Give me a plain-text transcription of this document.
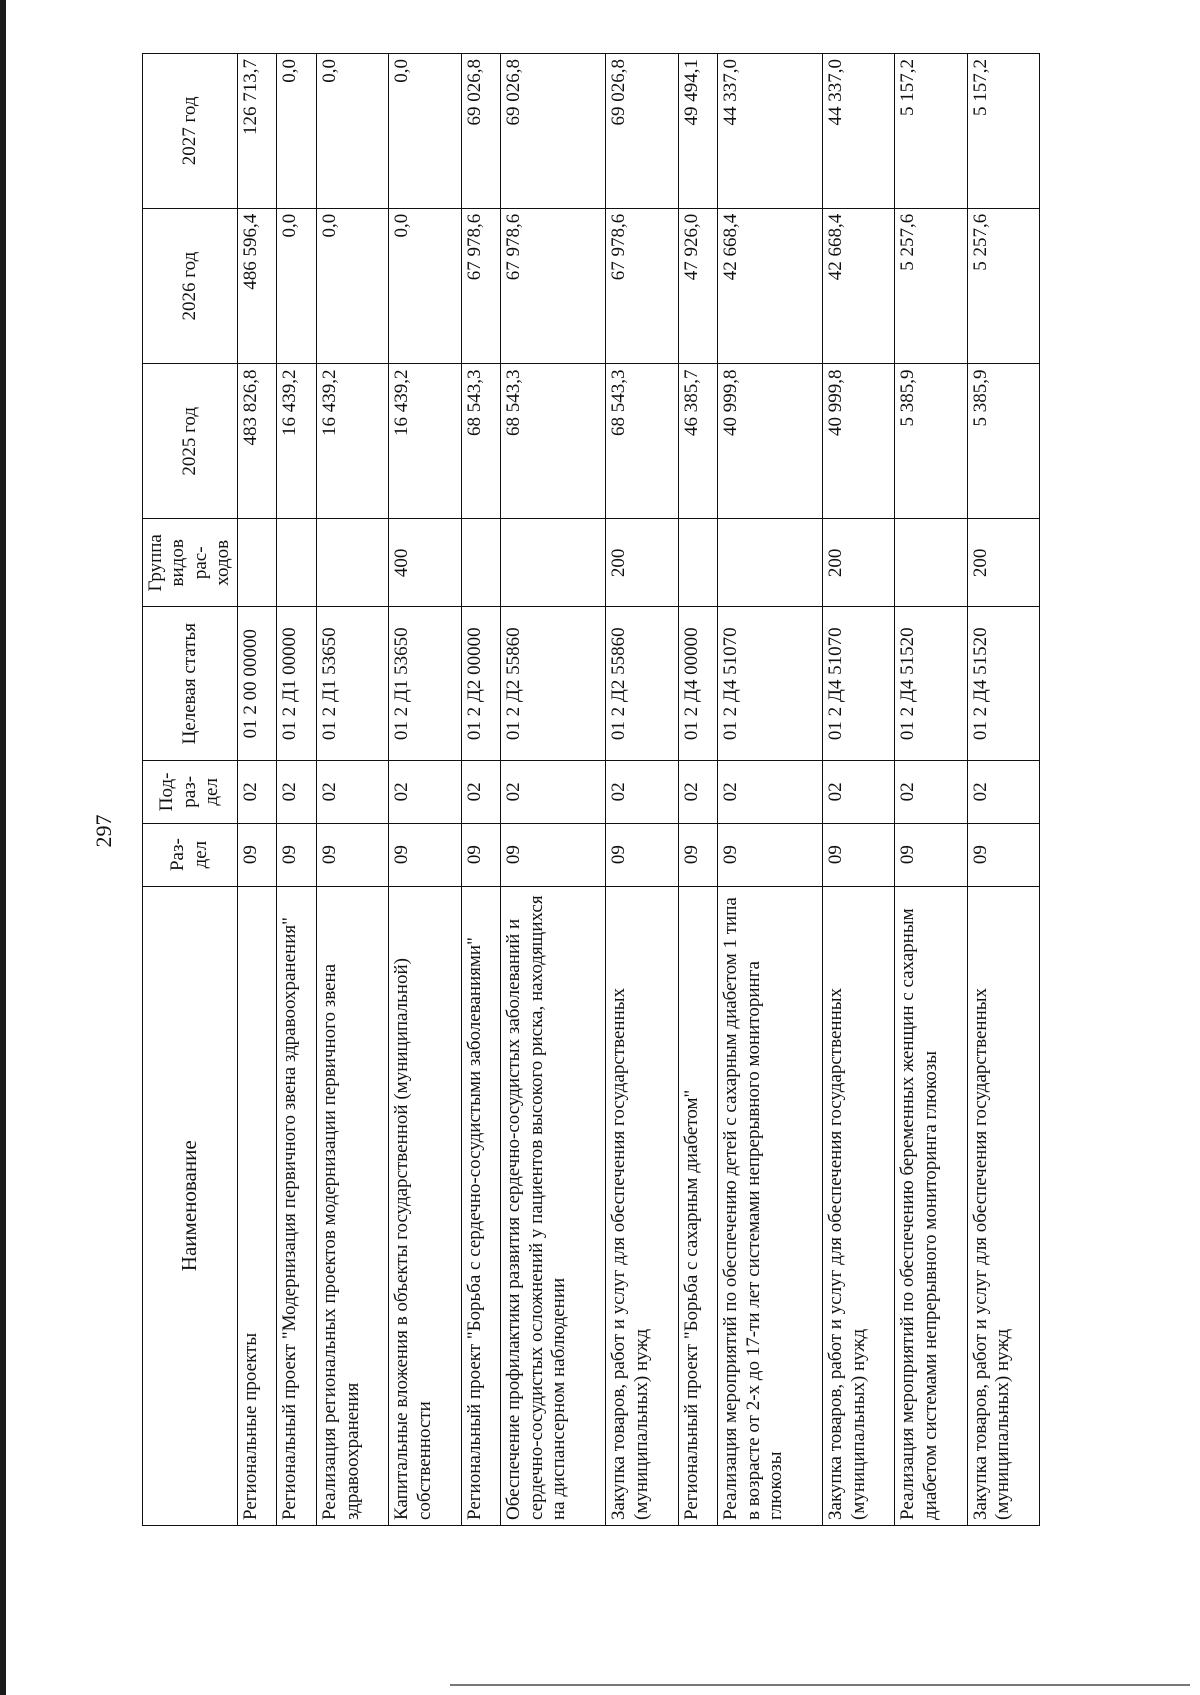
297
Наименование	Раз-дел	Под-раз-дел	Целевая статья	Группа видов рас-ходов	2025 год	2026 год	2027 год
Региональные проекты	09	02	01 2 00 00000		483 826,8	486 596,4	126 713,7
Региональный проект "Модернизация первичного звена здравоохранения"	09	02	01 2 Д1 00000		16 439,2	0,0	0,0
Реализация региональных проектов модернизации первичного звена здравоохранения	09	02	01 2 Д1 53650		16 439,2	0,0	0,0
Капитальные вложения в объекты государственной (муниципальной) собственности	09	02	01 2 Д1 53650	400	16 439,2	0,0	0,0
Региональный проект "Борьба с сердечно-сосудистыми заболеваниями"	09	02	01 2 Д2 00000		68 543,3	67 978,6	69 026,8
Обеспечение профилактики развития сердечно-сосудистых заболеваний и сердечно-сосудистых осложнений у пациентов высокого риска, находящихся на диспансерном наблюдении	09	02	01 2 Д2 55860		68 543,3	67 978,6	69 026,8
Закупка товаров, работ и услуг для обеспечения государственных (муниципальных) нужд	09	02	01 2 Д2 55860	200	68 543,3	67 978,6	69 026,8
Региональный проект "Борьба с сахарным диабетом"	09	02	01 2 Д4 00000		46 385,7	47 926,0	49 494,1
Реализация мероприятий по обеспечению детей с сахарным диабетом 1 типа в возрасте от 2-х до 17-ти лет системами непрерывного мониторинга глюкозы	09	02	01 2 Д4 51070		40 999,8	42 668,4	44 337,0
Закупка товаров, работ и услуг для обеспечения государственных (муниципальных) нужд	09	02	01 2 Д4 51070	200	40 999,8	42 668,4	44 337,0
Реализация мероприятий по обеспечению беременных женщин с сахарным диабетом системами непрерывного мониторинга глюкозы	09	02	01 2 Д4 51520		5 385,9	5 257,6	5 157,2
Закупка товаров, работ и услуг для обеспечения государственных (муниципальных) нужд	09	02	01 2 Д4 51520	200	5 385,9	5 257,6	5 157,2
